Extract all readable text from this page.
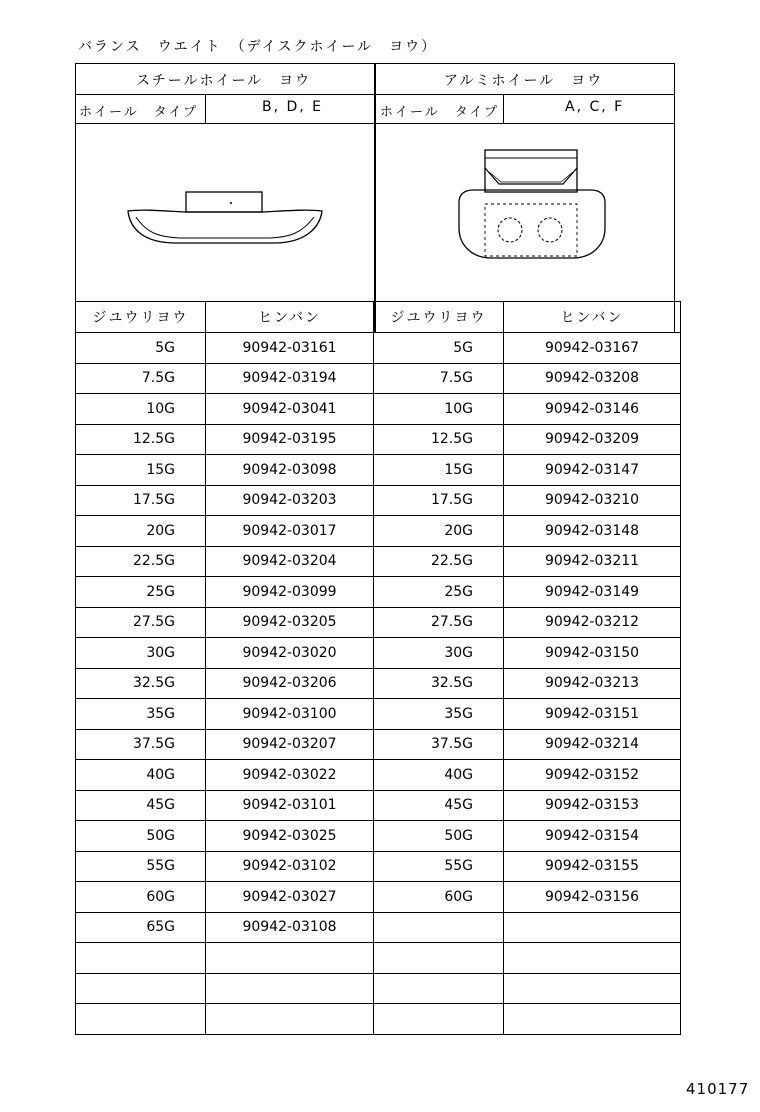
バランス　ウエイト　（デイスクホイール　ヨウ）
スチールホイール　ヨウ	アルミホイール　ヨウ
ホイール　タイプ	B, D, E	ホイール　タイプ	A, C, F
ジユウリヨウ	ヒンバン	ジユウリヨウ	ヒンバン
5G	90942-03161	5G	90942-03167
7.5G	90942-03194	7.5G	90942-03208
10G	90942-03041	10G	90942-03146
12.5G	90942-03195	12.5G	90942-03209
15G	90942-03098	15G	90942-03147
17.5G	90942-03203	17.5G	90942-03210
20G	90942-03017	20G	90942-03148
22.5G	90942-03204	22.5G	90942-03211
25G	90942-03099	25G	90942-03149
27.5G	90942-03205	27.5G	90942-03212
30G	90942-03020	30G	90942-03150
32.5G	90942-03206	32.5G	90942-03213
35G	90942-03100	35G	90942-03151
37.5G	90942-03207	37.5G	90942-03214
40G	90942-03022	40G	90942-03152
45G	90942-03101	45G	90942-03153
50G	90942-03025	50G	90942-03154
55G	90942-03102	55G	90942-03155
60G	90942-03027	60G	90942-03156
65G	90942-03108		

410177
